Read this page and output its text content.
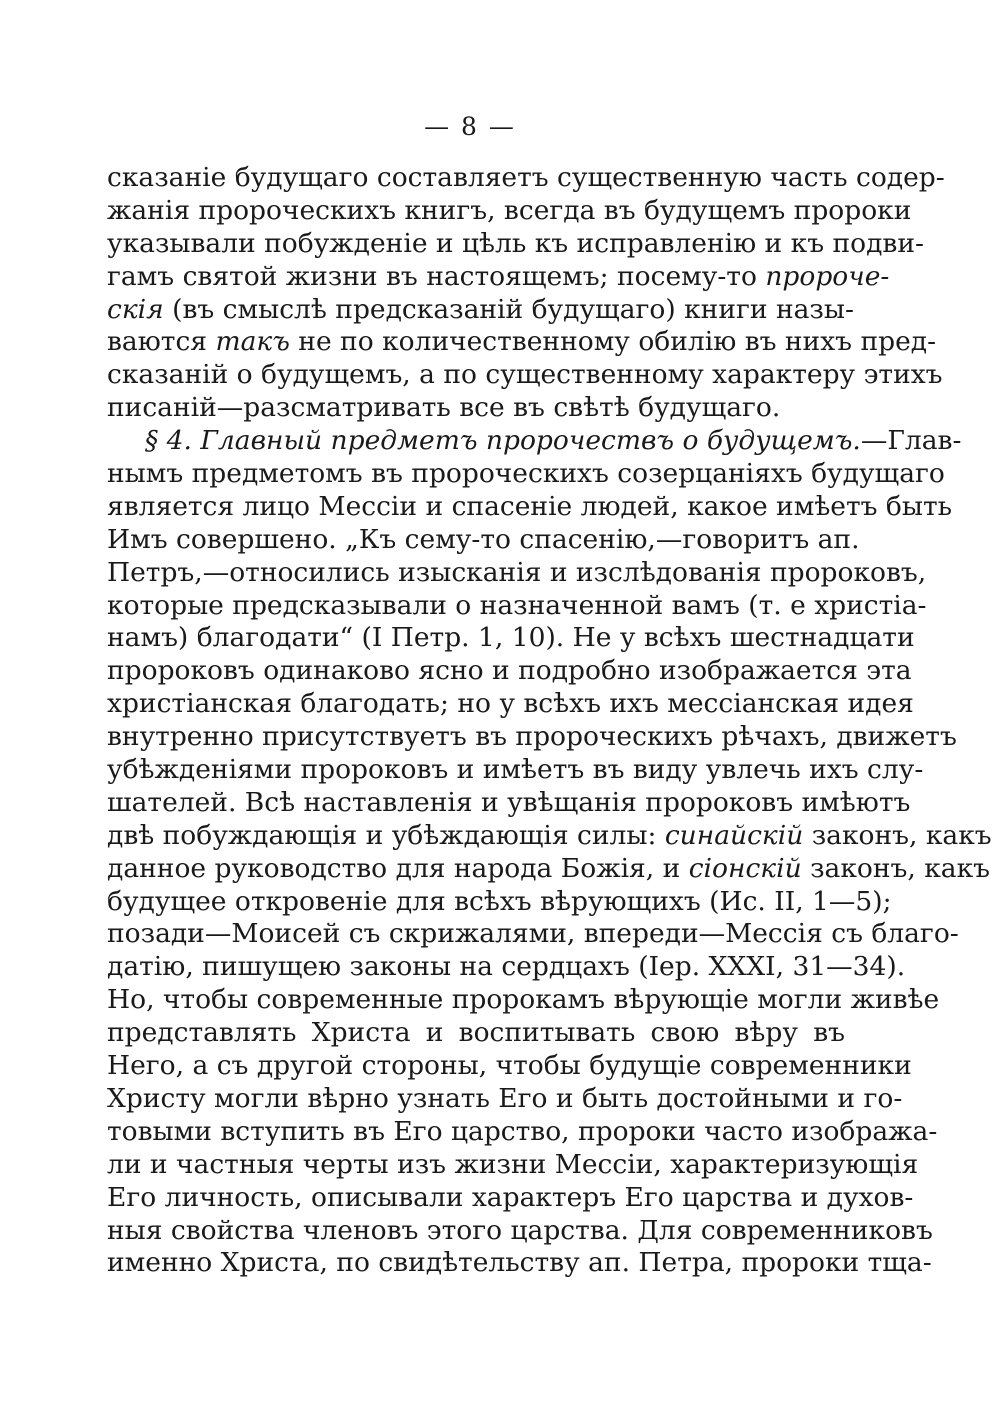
— 8 —
сказанie будущаго составляетъ существенную часть содер-
жанія пророческихъ книгъ, всегда въ будущемъ пророки
указывали побужденіе и цѣль къ исправленію и къ подви-
гамъ святой жизни въ настоящемъ; посему-то пророче-
скія (въ смыслѣ предсказаній будущаго) книги назы-
ваются такъ не по количественному обилію въ нихъ пред-
сказаній о будущемъ, а по существенному характеру этихъ
писаній—разсматривать все въ свѣтѣ будущаго.
§ 4. Главный предметъ пророчествъ о будущемъ.—Глав-
нымъ предметомъ въ пророческихъ созерцаніяхъ будущаго
является лицо Мессіи и спасеніе людей, какое имѣетъ быть
Имъ совершено. „Къ сему-то спасенію,—говоритъ ап.
Петръ,—относились изысканія и изслѣдованія пророковъ,
которые предсказывали о назначенной вамъ (т. е христіа-
намъ) благодати“ (I Петр. 1, 10). Не у всѣхъ шестнадцати
пророковъ одинаково ясно и подробно изображается эта
христіанская благодать; но у всѣхъ ихъ мессіанская идея
внутренно присутствуетъ въ пророческихъ рѣчахъ, движетъ
убѣжденіями пророковъ и имѣетъ въ виду увлечь ихъ слу-
шателей. Всѣ наставленія и увѣщанія пророковъ имѣютъ
двѣ побуждающія и убѣждающія силы: синайскій законъ, какъ
данное руководство для народа Божія, и сіонскій законъ, какъ
будущее откровеніе для всѣхъ вѣрующихъ (Ис. II, 1—5);
позади—Моисей съ скрижалями, впереди—Мессія съ благо-
датію, пишущею законы на сердцахъ (Іер. XXXI, 31—34).
Но, чтобы современные пророкамъ вѣрующіе могли живѣе
представлять Христа и воспитывать свою вѣру въ
Него, а съ другой стороны, чтобы будущіе современники
Христу могли вѣрно узнать Его и быть достойными и го-
товыми вступить въ Его царство, пророки часто изобража-
ли и частныя черты изъ жизни Мессіи, характеризующія
Его личность, описывали характеръ Его царства и духов-
ныя свойства членовъ этого царства. Для современниковъ
именно Христа, по свидѣтельству ап. Петра, пророки тща-
